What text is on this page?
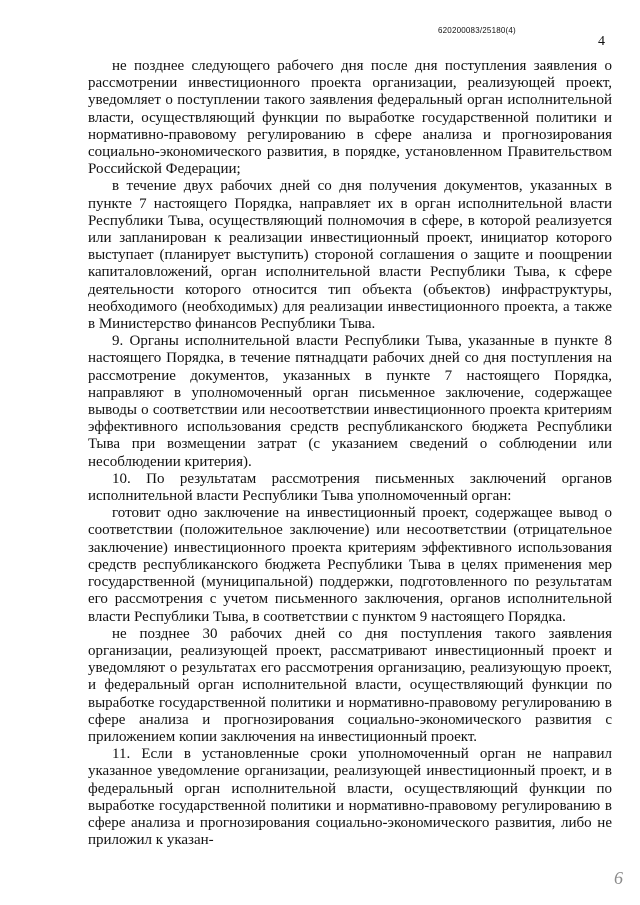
620200083/25180(4)
4

не позднее следующего рабочего дня после дня поступления заявления о рассмотрении инвестиционного проекта организации, реализующей проект, уведомляет о поступлении такого заявления федеральный орган исполнительной власти, осуществляющий функции по выработке государственной политики и нормативно-правовому регулированию в сфере анализа и прогнозирования социально-экономического развития, в порядке, установленном Правительством Российской Федерации;

в течение двух рабочих дней со дня получения документов, указанных в пункте 7 настоящего Порядка, направляет их в орган исполнительной власти Республики Тыва, осуществляющий полномочия в сфере, в которой реализуется или запланирован к реализации инвестиционный проект, инициатор которого выступает (планирует выступить) стороной соглашения о защите и поощрении капиталовложений, орган исполнительной власти Республики Тыва, к сфере деятельности которого относится тип объекта (объектов) инфраструктуры, необходимого (необходимых) для реализации инвестиционного проекта, а также в Министерство финансов Республики Тыва.

9. Органы исполнительной власти Республики Тыва, указанные в пункте 8 настоящего Порядка, в течение пятнадцати рабочих дней со дня поступления на рассмотрение документов, указанных в пункте 7 настоящего Порядка, направляют в уполномоченный орган письменное заключение, содержащее выводы о соответствии или несоответствии инвестиционного проекта критериям эффективного использования средств республиканского бюджета Республики Тыва при возмещении затрат (с указанием сведений о соблюдении или несоблюдении критерия).

10. По результатам рассмотрения письменных заключений органов исполнительной власти Республики Тыва уполномоченный орган:

готовит одно заключение на инвестиционный проект, содержащее вывод о соответствии (положительное заключение) или несоответствии (отрицательное заключение) инвестиционного проекта критериям эффективного использования средств республиканского бюджета Республики Тыва в целях применения мер государственной (муниципальной) поддержки, подготовленного по результатам его рассмотрения с учетом письменного заключения, органов исполнительной власти Республики Тыва, в соответствии с пунктом 9 настоящего Порядка.

не позднее 30 рабочих дней со дня поступления такого заявления организации, реализующей проект, рассматривают инвестиционный проект и уведомляют о результатах его рассмотрения организацию, реализующую проект, и федеральный орган исполнительной власти, осуществляющий функции по выработке государственной политики и нормативно-правовому регулированию в сфере анализа и прогнозирования социально-экономического развития с приложением копии заключения на инвестиционный проект.

11. Если в установленные сроки уполномоченный орган не направил указанное уведомление организации, реализующей инвестиционный проект, и в федеральный орган исполнительной власти, осуществляющий функции по выработке государственной политики и нормативно-правовому регулированию в сфере анализа и прогнозирования социально-экономического развития, либо не приложил к указан-

6
